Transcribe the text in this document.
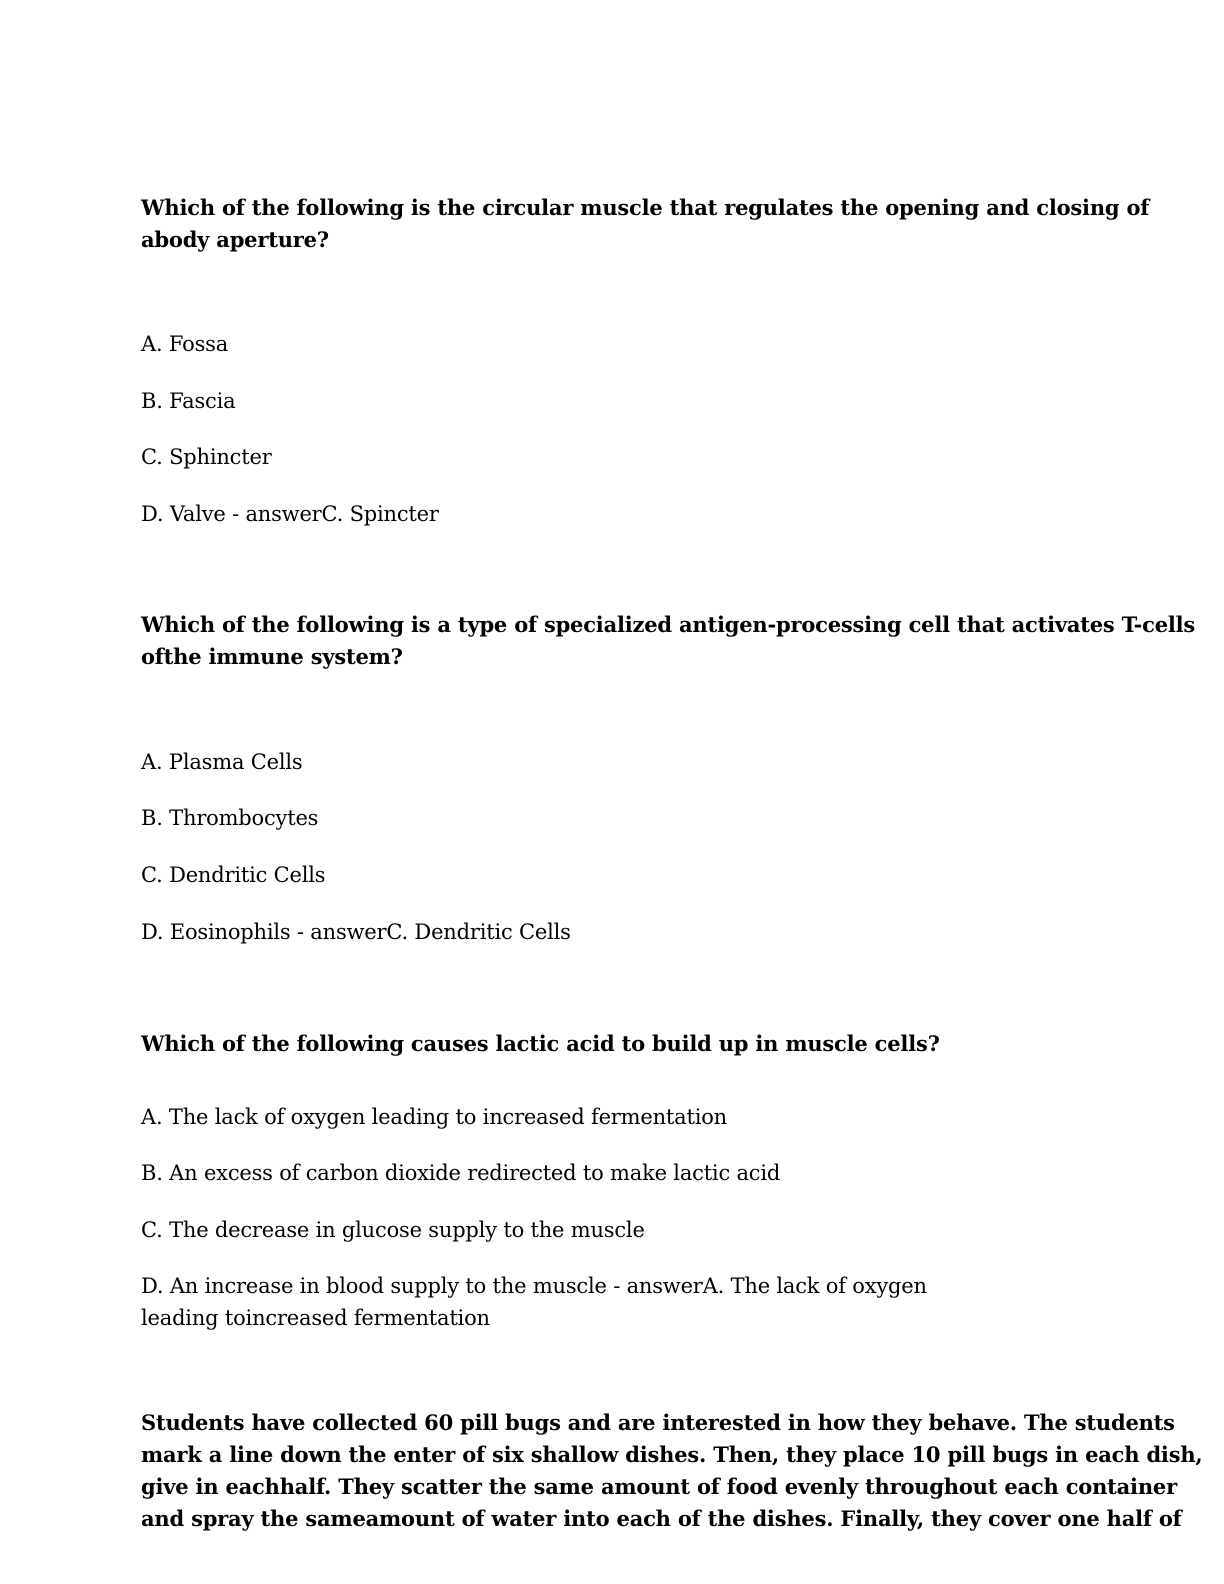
Which of the following is the circular muscle that regulates the opening and closing of
abody aperture?
A. Fossa
B. Fascia
C. Sphincter
D. Valve - answerC. Spincter
Which of the following is a type of specialized antigen-processing cell that activates T-cells
ofthe immune system?
A. Plasma Cells
B. Thrombocytes
C. Dendritic Cells
D. Eosinophils - answerC. Dendritic Cells
Which of the following causes lactic acid to build up in muscle cells?
A. The lack of oxygen leading to increased fermentation
B. An excess of carbon dioxide redirected to make lactic acid
C. The decrease in glucose supply to the muscle
D. An increase in blood supply to the muscle - answerA. The lack of oxygen
leading toincreased fermentation
Students have collected 60 pill bugs and are interested in how they behave. The students
mark a line down the enter of six shallow dishes. Then, they place 10 pill bugs in each dish,
give in eachhalf. They scatter the same amount of food evenly throughout each container
and spray the sameamount of water into each of the dishes. Finally, they cover one half of
